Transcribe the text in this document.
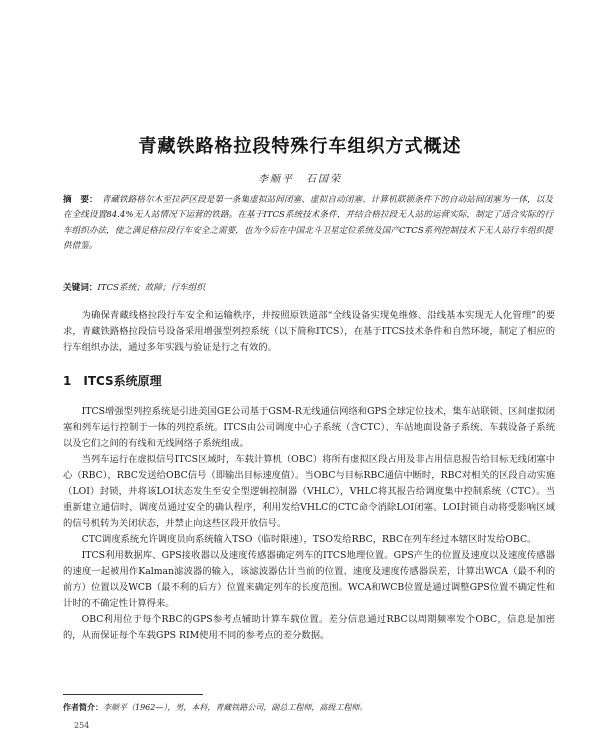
青藏铁路格拉段特殊行车组织方式概述
李顺平　石国荣
摘　要： 青藏铁路格尔木至拉萨区段是第一条集虚拟站间闭塞、虚拟自动闭塞、计算机联锁条件下的自动站间闭塞为一体，以及在全线设置84.4%无人站情况下运营的铁路。在基于ITCS系统技术条件，并结合格拉段无人站的运营实际，制定了适合实际的行车组织办法，使之满足格拉段行车安全之需要，也为今后在中国北斗卫星定位系统及国产CTCS系列控制技术下无人站行车组织提供借鉴。
关键词：ITCS系统；故障；行车组织

为确保青藏线格拉段行车安全和运输秩序，并按照原铁道部“全线设备实现免维修、沿线基本实现无人化管理”的要求，青藏铁路格拉段信号设备采用增强型列控系统（以下简称ITCS），在基于ITCS技术条件和自然环境，制定了相应的行车组织办法，通过多年实践与验证是行之有效的。

1 ITCS系统原理

ITCS增强型列控系统是引进美国GE公司基于GSM-R无线通信网络和GPS全球定位技术，集车站联锁、区间虚拟闭塞和列车运行控制于一体的列控系统。ITCS由公司调度中心子系统（含CTC）、车站地面设备子系统、车载设备子系统以及它们之间的有线和无线网络子系统组成。

当列车运行在虚拟信号ITCS区域时，车载计算机（OBC）将所有虚拟区段占用及非占用信息报告给目标无线闭塞中心（RBC），RBC发送给OBC信号（即输出目标速度值）。当OBC与目标RBC通信中断时，RBC对相关的区段自动实施（LOI）封锁，并将该LOI状态发生至安全型逻辑控制器（VHLC），VHLC将其报告给调度集中控制系统（CTC）。当重新建立通信时，调度员通过安全的确认程序，利用发给VHLC的CTC命令消除LOI闭塞。LOI封锁自动将受影响区域的信号机转为关闭状态，并禁止向这些区段开放信号。

CTC调度系统允许调度员向系统输入TSO（临时限速），TSO发给RBC，RBC在列车经过本辖区时发给OBC。

ITCS利用数据库、GPS接收器以及速度传感器确定列车的ITCS地理位置。GPS产生的位置及速度以及速度传感器的速度一起被用作Kalman滤波器的输入，该滤波器估计当前的位置、速度及速度传感器误差，计算出WCA（最不利的前方）位置以及WCB（最不利的后方）位置来确定列车的长度范围。WCA和WCB位置是通过调整GPS位置不确定性和计时的不确定性计算得来。

OBC利用位于每个RBC的GPS参考点辅助计算车载位置。差分信息通过RBC以周期频率发个OBC，信息是加密的，从而保证每个车载GPS RIM使用不同的参考点的差分数据。

作者简介：李顺平（1962—），男，本科，青藏铁路公司，副总工程师，高级工程师。
254
